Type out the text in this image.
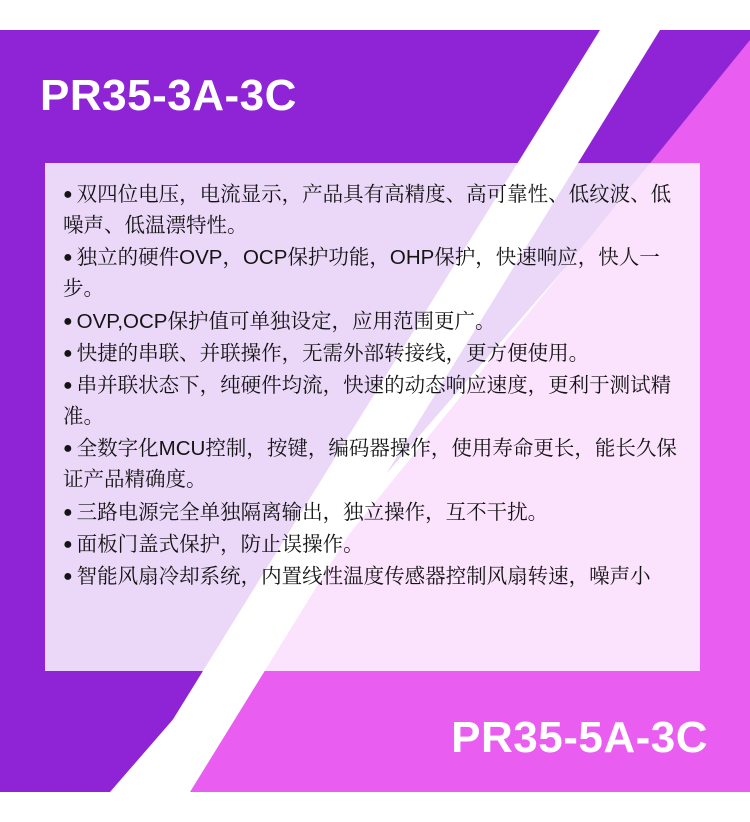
PR35-3A-3C

● 双四位电压，电流显示，产品具有高精度、高可靠性、低纹波、低噪声、低温漂特性。

● 独立的硬件OVP，OCP保护功能，OHP保护，快速响应，快人一步。

● OVP,OCP保护值可单独设定，应用范围更广。

● 快捷的串联、并联操作，无需外部转接线，更方便使用。

● 串并联状态下，纯硬件均流，快速的动态响应速度，更利于测试精准。

● 全数字化MCU控制，按键，编码器操作，使用寿命更长，能长久保证产品精确度。

● 三路电源完全单独隔离输出，独立操作，互不干扰。

● 面板门盖式保护，防止误操作。

● 智能风扇冷却系统，内置线性温度传感器控制风扇转速，噪声小

PR35-5A-3C
